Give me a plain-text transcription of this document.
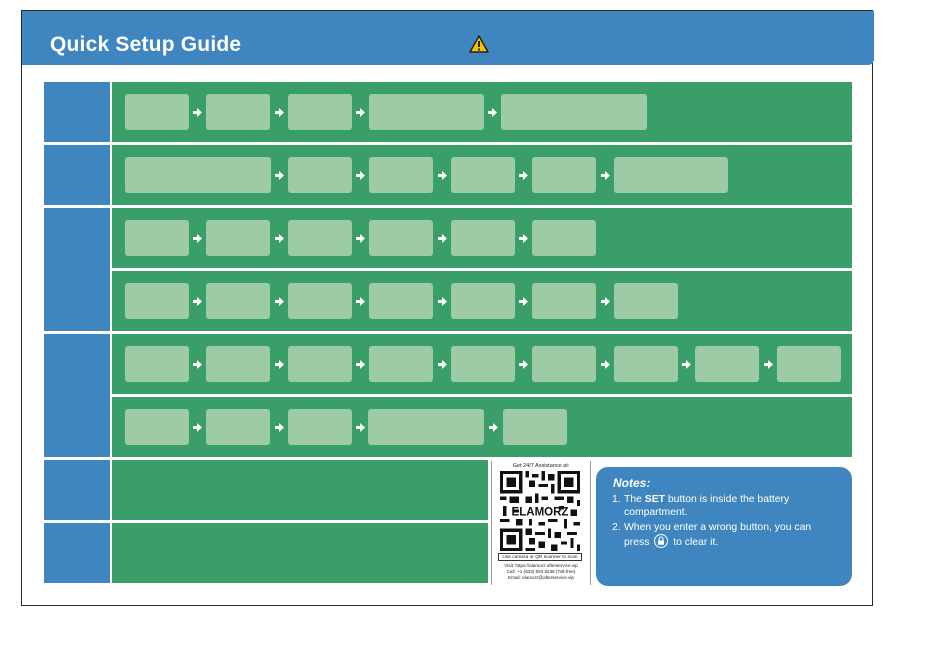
Quick Setup Guide
Get 24/7 Assistance at:
ELAMORZ
Use camera or QR scanner to scan
Visit: https://elamorz.afterservice.vip
Call: +1 (833) 553 6238 (Toll-free)
Email: elamorz@afterservice.vip
Notes:
1. The SET button is inside the battery
compartment.
2. When you enter a wrong button, you can
press to clear it.
